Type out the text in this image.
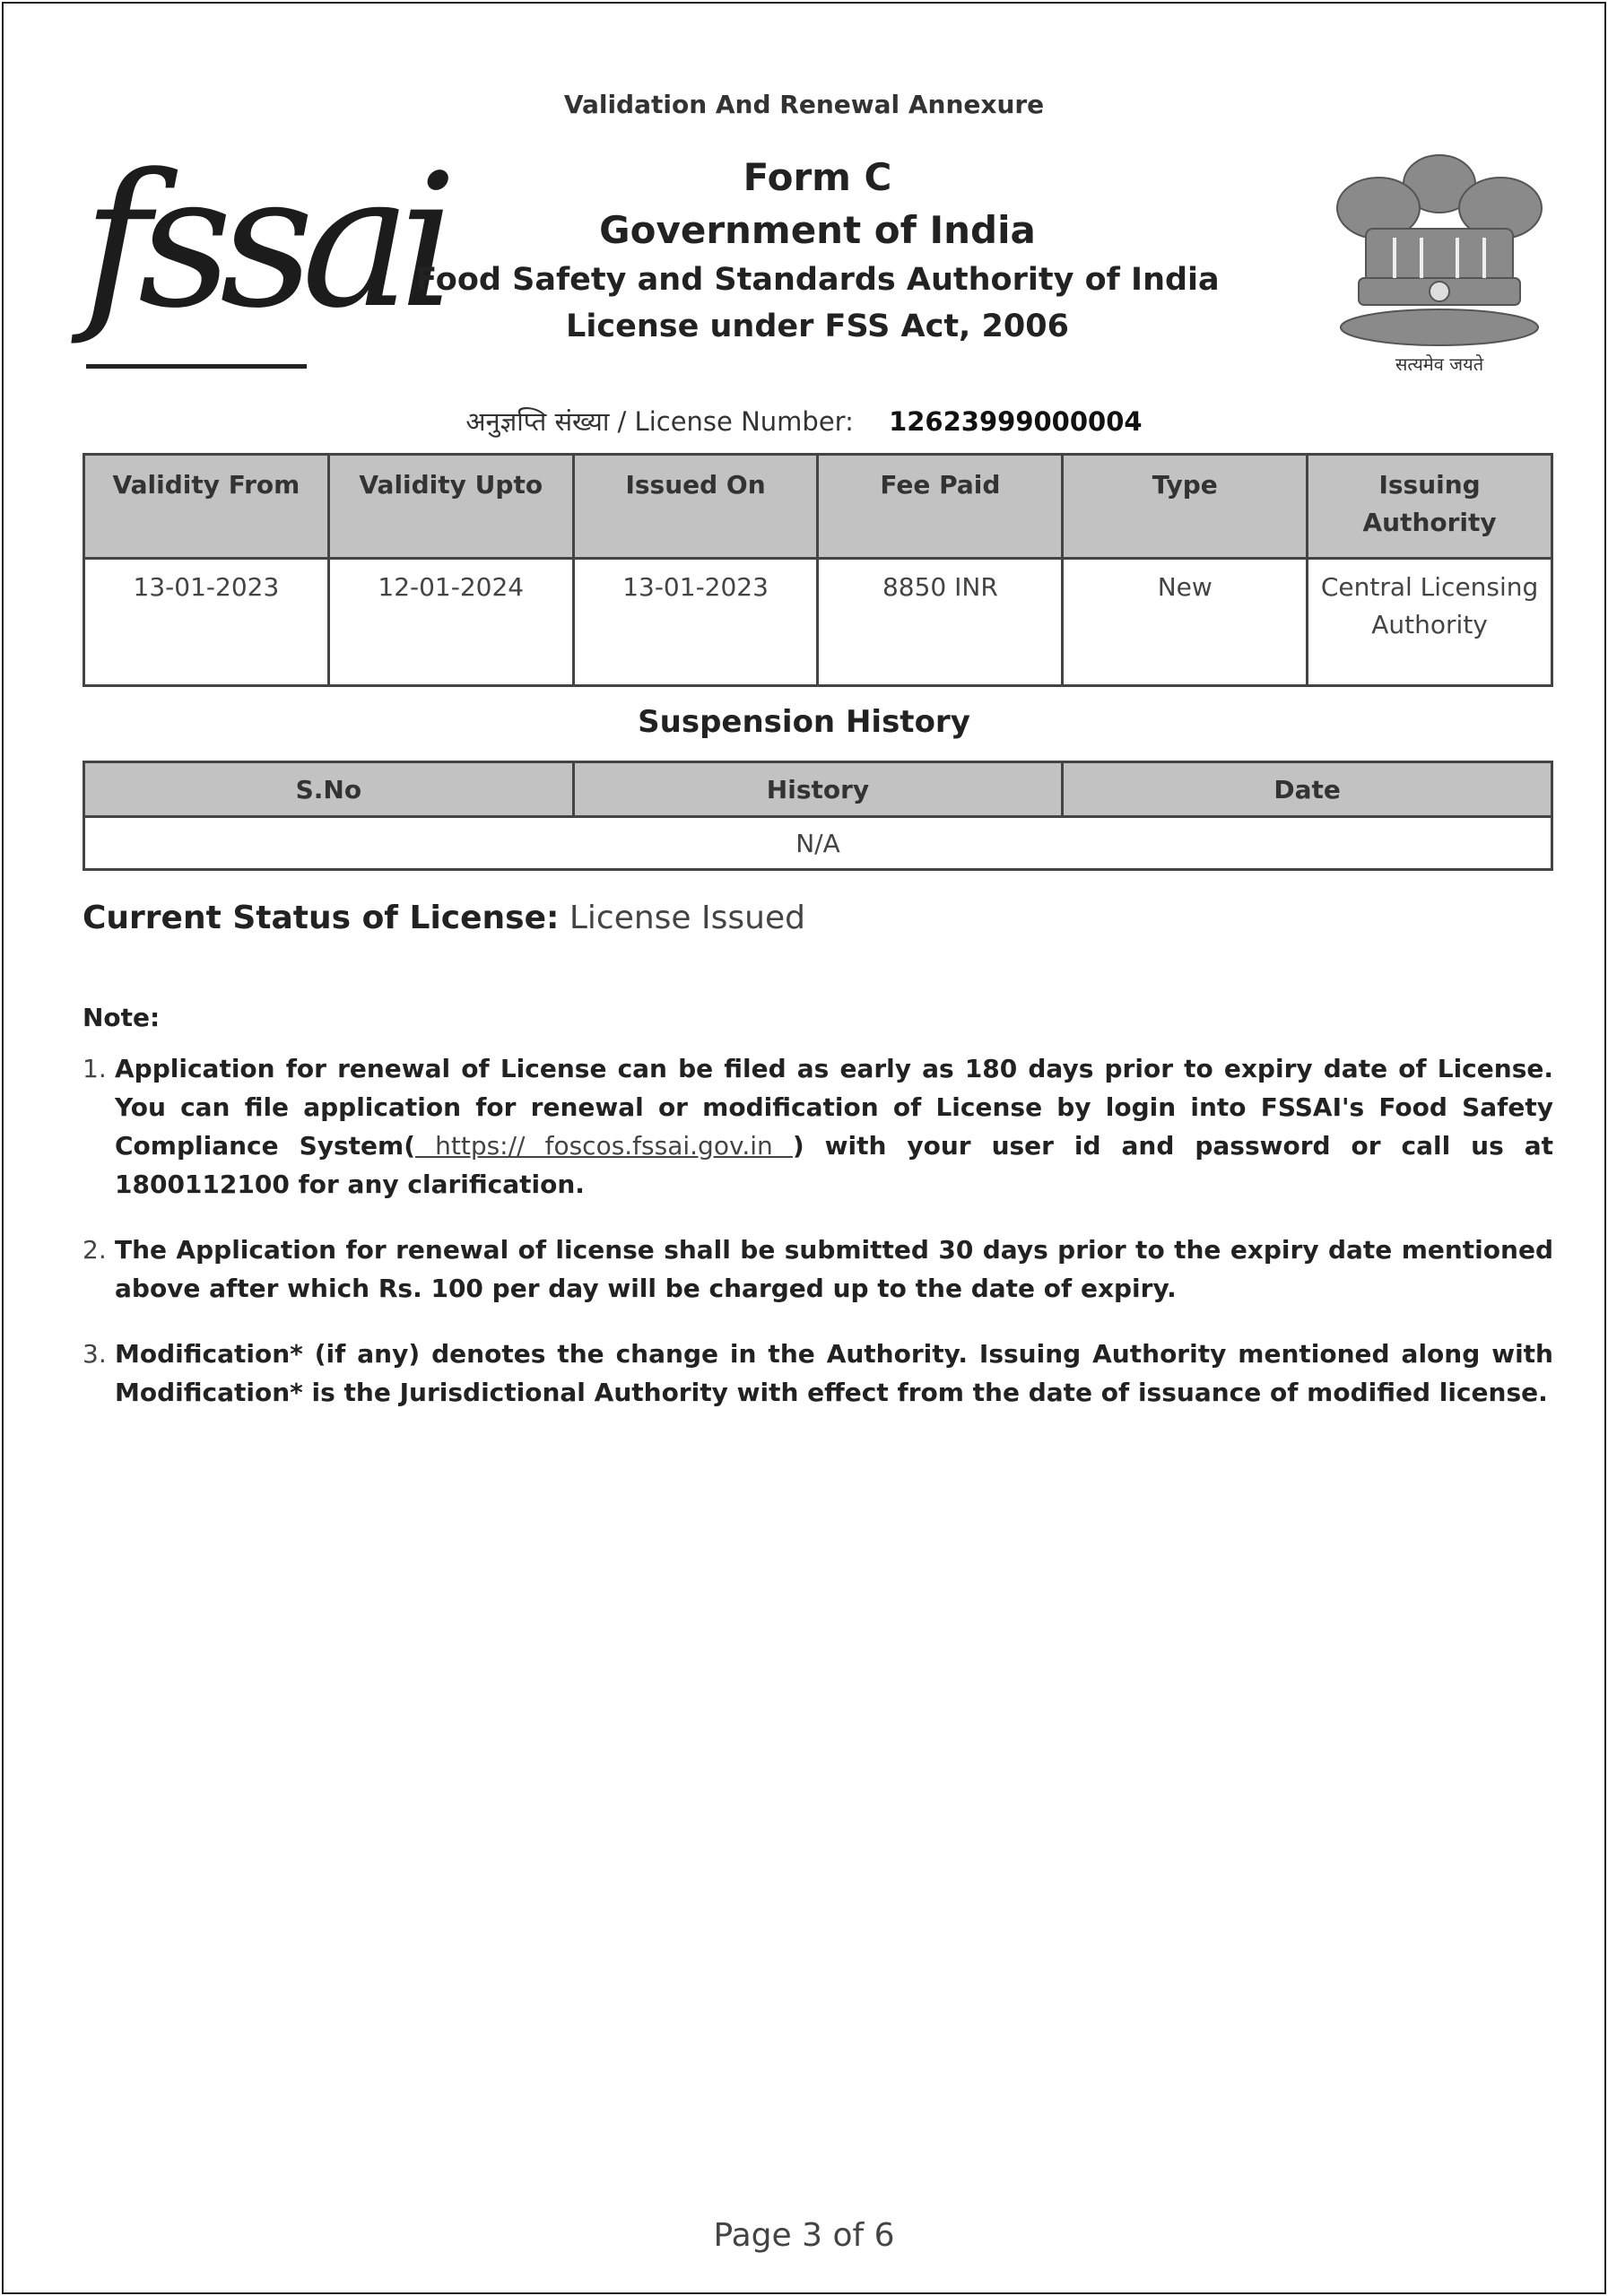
Validation And Renewal Annexure
fssai	Form C
Government of India
Food Safety and Standards Authority of India
License under FSS Act, 2006
सत्यमेव जयते
अनुज्ञप्ति संख्या / License Number: 12623999000004
Validity From	Validity Upto	Issued On	Fee Paid	Type	Issuing Authority
13-01-2023	12-01-2024	13-01-2023	8850 INR	New	Central Licensing Authority
Suspension History
S.No	History	Date
N/A
Current Status of License: License Issued
Note:
1. Application for renewal of License can be filed as early as 180 days prior to expiry date of License. You can file application for renewal or modification of License by login into FSSAI's Food Safety Compliance System( https:// foscos.fssai.gov.in ) with your user id and password or call us at 1800112100 for any clarification.
2. The Application for renewal of license shall be submitted 30 days prior to the expiry date mentioned above after which Rs. 100 per day will be charged up to the date of expiry.
3. Modification* (if any) denotes the change in the Authority. Issuing Authority mentioned along with Modification* is the Jurisdictional Authority with effect from the date of issuance of modified license.
Page 3 of 6
